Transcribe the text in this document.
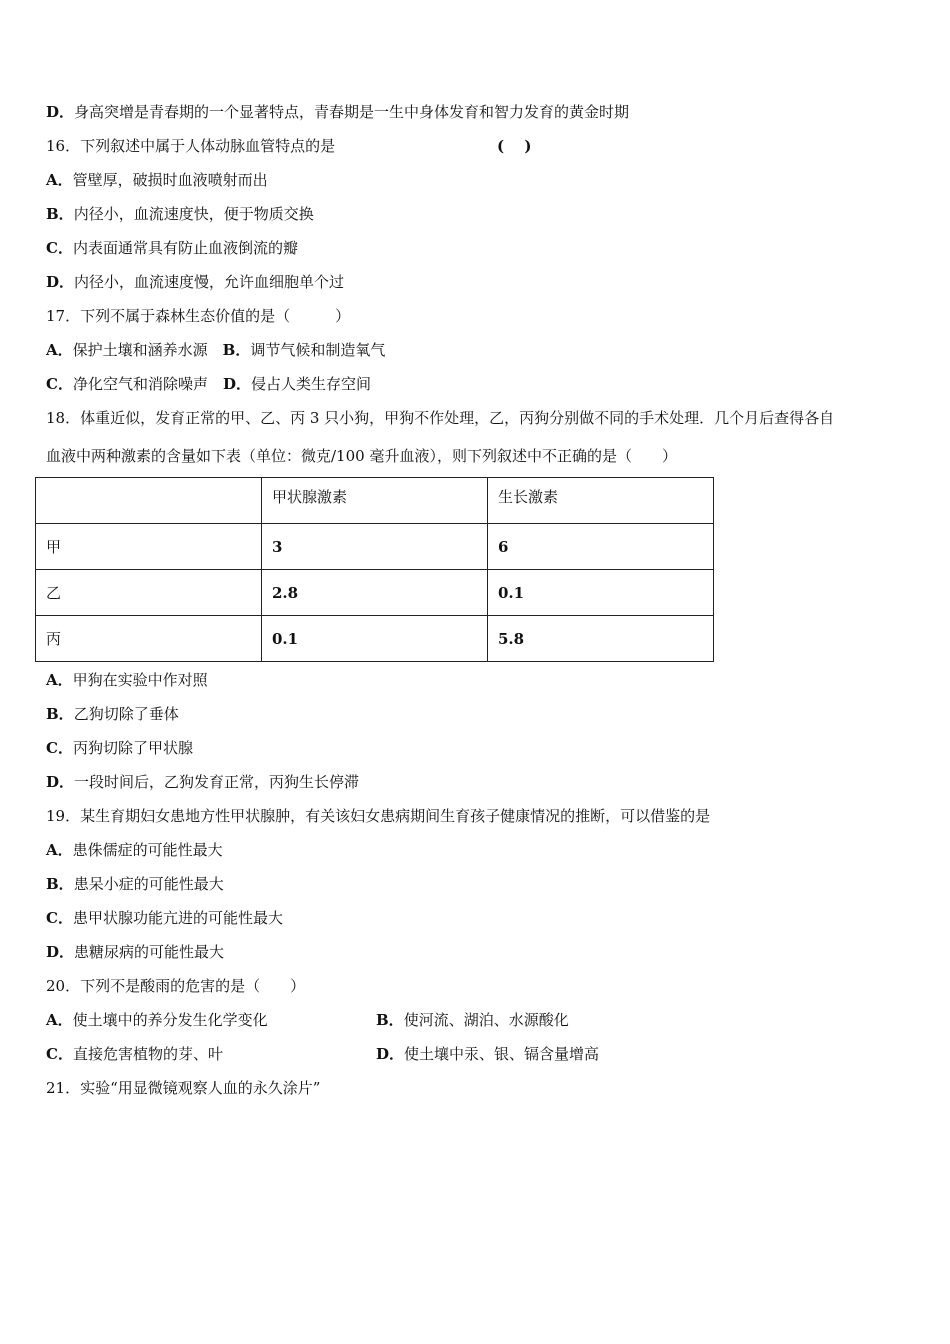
D．身高突增是青春期的一个显著特点，青春期是一生中身体发育和智力发育的黄金时期
16．下列叙述中属于人体动脉血管特点的是	(　 )
A．管壁厚，破损时血液喷射而出
B．内径小，血流速度快，便于物质交换
C．内表面通常具有防止血液倒流的瓣
D．内径小，血流速度慢，允许血细胞单个过
17．下列不属于森林生态价值的是（　　　）
A．保护土壤和涵养水源　B．调节气候和制造氧气
C．净化空气和消除噪声　D．侵占人类生存空间
18．体重近似，发育正常的甲、乙、丙 3 只小狗，甲狗不作处理，乙，丙狗分别做不同的手术处理．几个月后查得各自
血液中两种激素的含量如下表（单位：微克/100 毫升血液），则下列叙述中不正确的是（　　）
	甲状腺激素	生长激素
甲	3	6
乙	2.8	0.1
丙	0.1	5.8
A．甲狗在实验中作对照
B．乙狗切除了垂体
C．丙狗切除了甲状腺
D．一段时间后，乙狗发育正常，丙狗生长停滞
19．某生育期妇女患地方性甲状腺肿，有关该妇女患病期间生育孩子健康情况的推断，可以借鉴的是
A．患侏儒症的可能性最大
B．患呆小症的可能性最大
C．患甲状腺功能亢进的可能性最大
D．患糖尿病的可能性最大
20．下列不是酸雨的危害的是（　　）
A．使土壤中的养分发生化学变化	B．使河流、湖泊、水源酸化
C．直接危害植物的芽、叶	D．使土壤中汞、银、镉含量增高
21．实验“用显微镜观察人血的永久涂片”
